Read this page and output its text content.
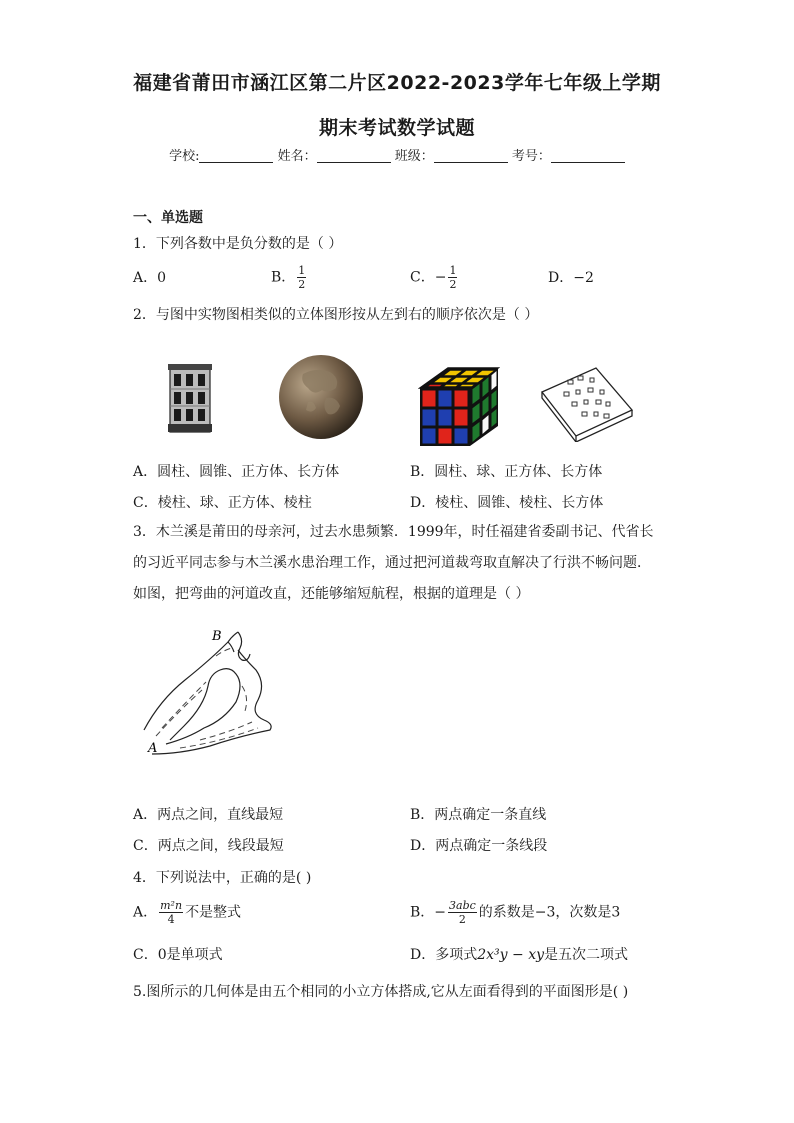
福建省莆田市涵江区第二片区2022-2023学年七年级上学期
期末考试数学试题
学校:	姓名：	班级：	考号：
一、单选题
1．下列各数中是负分数的是（ ）
A．0	B． $\frac{1}{2}$	C．− $\frac{1}{2}$	D．−2
2．与图中实物图相类似的立体图形按从左到右的顺序依次是（ ）
A．圆柱、圆锥、正方体、长方体	B．圆柱、球、正方体、长方体
C．棱柱、球、正方体、棱柱	D．棱柱、圆锥、棱柱、长方体
3．木兰溪是莆田的母亲河，过去水患频繁．1999年，时任福建省委副书记、代省长的习近平同志参与木兰溪水患治理工作，通过把河道裁弯取直解决了行洪不畅问题．如图，把弯曲的河道改直，还能够缩短航程，根据的道理是（ ）
B
A
A．两点之间，直线最短	B．两点确定一条直线
C．两点之间，线段最短	D．两点确定一条线段
4．下列说法中，正确的是( )
A． $\frac{\text{m²n}}{4}$ 不是整式	B．− $\frac{\text{3abc}}{2}$ 的系数是−3，次数是3
C．0是单项式	D．多项式2x³y − xy是五次二项式
5.图所示的几何体是由五个相同的小立方体搭成,它从左面看得到的平面图形是( )
